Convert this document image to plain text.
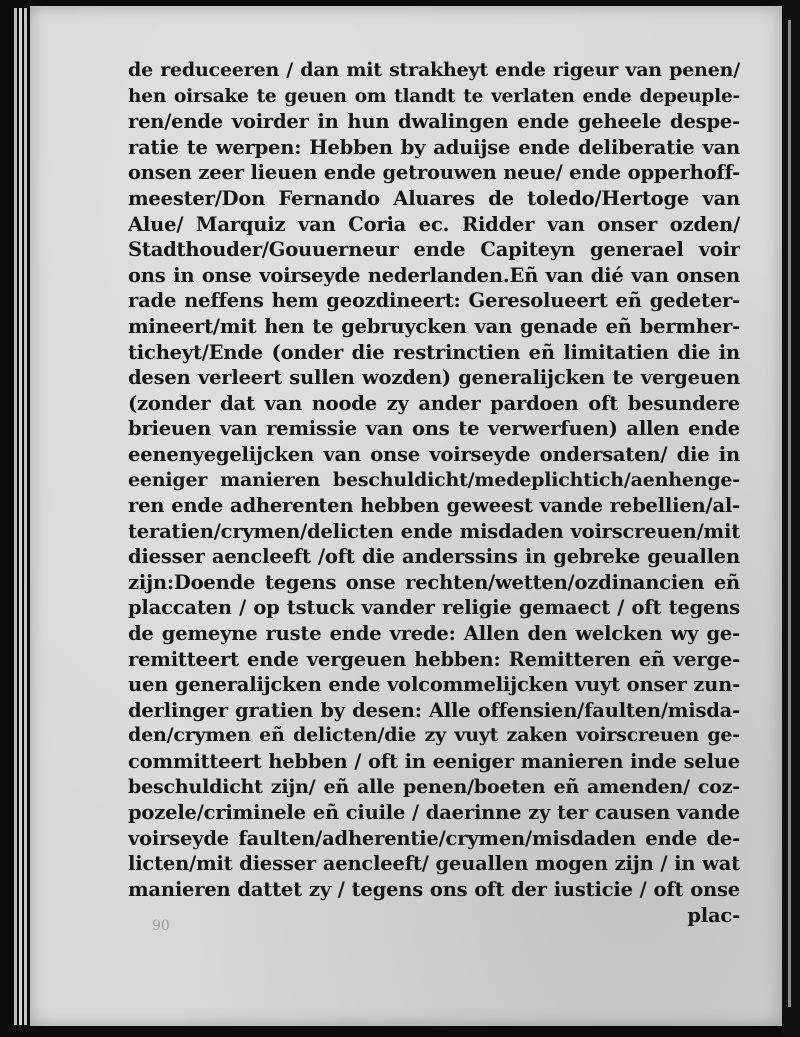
de reduceeren / dan mit strakheyt ende rigeur van penen/
hen oirsake te geuen om tlandt te verlaten ende depeuple-
ren/ende voirder in hun dwalingen ende geheele despe-
ratie te werpen: Hebben by aduijse ende deliberatie van
onsen zeer lieuen ende getrouwen neue/ ende opperhoff-
meester/Don Fernando Aluares de toledo/Hertoge van
Alue/ Marquiz van Coria ec. Ridder van onser ozden/
Stadthouder/Gouuerneur ende Capiteyn generael voir
ons in onse voirseyde nederlanden.Eñ van dié van onsen
rade neffens hem geozdineert: Geresolueert eñ gedeter-
mineert/mit hen te gebruycken van genade eñ bermher-
ticheyt/Ende (onder die restrinctien eñ limitatien die in
desen verleert sullen wozden) generalijcken te vergeuen
(zonder dat van noode zy ander pardoen oft besundere
brieuen van remissie van ons te verwerfuen) allen ende
eenenyegelijcken van onse voirseyde ondersaten/ die in
eeniger manieren beschuldicht/medeplichtich/aenhenge-
ren ende adherenten hebben geweest vande rebellien/al-
teratien/crymen/delicten ende misdaden voirscreuen/mit
diesser aencleeft /oft die anderssins in gebreke geuallen
zijn:Doende tegens onse rechten/wetten/ozdinancien eñ
placcaten / op tstuck vander religie gemaect / oft tegens
de gemeyne ruste ende vrede: Allen den welcken wy ge-
remitteert ende vergeuen hebben: Remitteren eñ verge-
uen generalijcken ende volcommelijcken vuyt onser zun-
derlinger gratien by desen: Alle offensien/faulten/misda-
den/crymen eñ delicten/die zy vuyt zaken voirscreuen ge-
committeert hebben / oft in eeniger manieren inde selue
beschuldicht zijn/ eñ alle penen/boeten eñ amenden/ coz-
pozele/criminele eñ ciuile / daerinne zy ter causen vande
voirseyde faulten/adherentie/crymen/misdaden ende de-
licten/mit diesser aencleeft/ geuallen mogen zijn / in wat
manieren dattet zy / tegens ons oft der iusticie / oft onse
plac-
90
